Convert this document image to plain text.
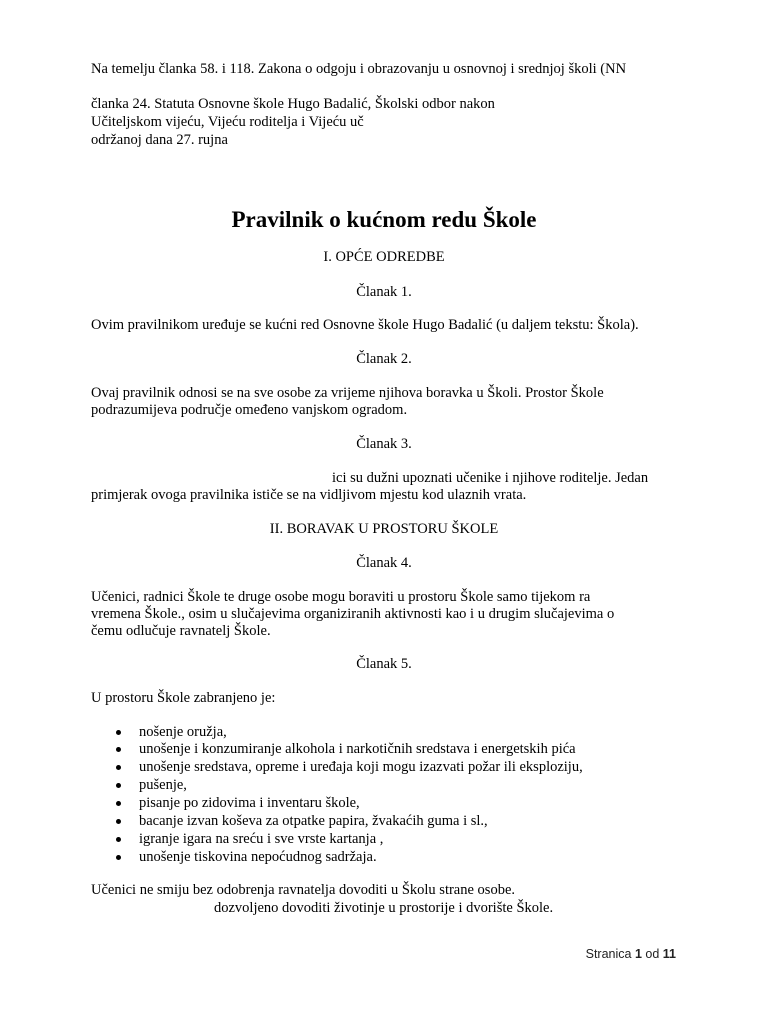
Na temelju članka 58. i 118. Zakona o odgoju i obrazovanju u osnovnoj i srednjoj školi (NN
članka 24. Statuta Osnovne škole Hugo Badalić, Školski odbor nakon
Učiteljskom vijeću, Vijeću roditelja i Vijeću uč
održanoj dana 27. rujna
Pravilnik o kućnom redu Škole
I. OPĆE ODREDBE
Članak 1.
Ovim pravilnikom uređuje se kućni red Osnovne škole Hugo Badalić (u daljem tekstu: Škola).
Članak 2.
Ovaj pravilnik odnosi se na sve osobe za vrijeme njihova boravka u Školi. Prostor Škole
podrazumijeva područje omeđeno vanjskom ogradom.
Članak 3.
ici su dužni upoznati učenike i njihove roditelje. Jedan
primjerak ovoga pravilnika ističe se na vidljivom mjestu kod ulaznih vrata.
II. BORAVAK U PROSTORU ŠKOLE
Članak 4.
Učenici, radnici Škole te druge osobe mogu boraviti u prostoru Škole samo tijekom ra
vremena Škole., osim u slučajevima organiziranih aktivnosti kao i u drugim slučajevima o
čemu odlučuje ravnatelj Škole.
Članak 5.
U prostoru Škole zabranjeno je:
nošenje oružja,
unošenje i konzumiranje alkohola i narkotičnih sredstava i energetskih pića
unošenje sredstava, opreme i uređaja koji mogu izazvati požar ili eksploziju,
pušenje,
pisanje po zidovima i inventaru škole,
bacanje izvan koševa za otpatke papira, žvakaćih guma i sl.,
igranje igara na sreću i sve vrste kartanja ,
unošenje tiskovina nepoćudnog sadržaja.
Učenici ne smiju bez odobrenja ravnatelja dovoditi u Školu strane osobe.
dozvoljeno dovoditi životinje u prostorije i dvorište Škole.
Stranica 1 od 11
